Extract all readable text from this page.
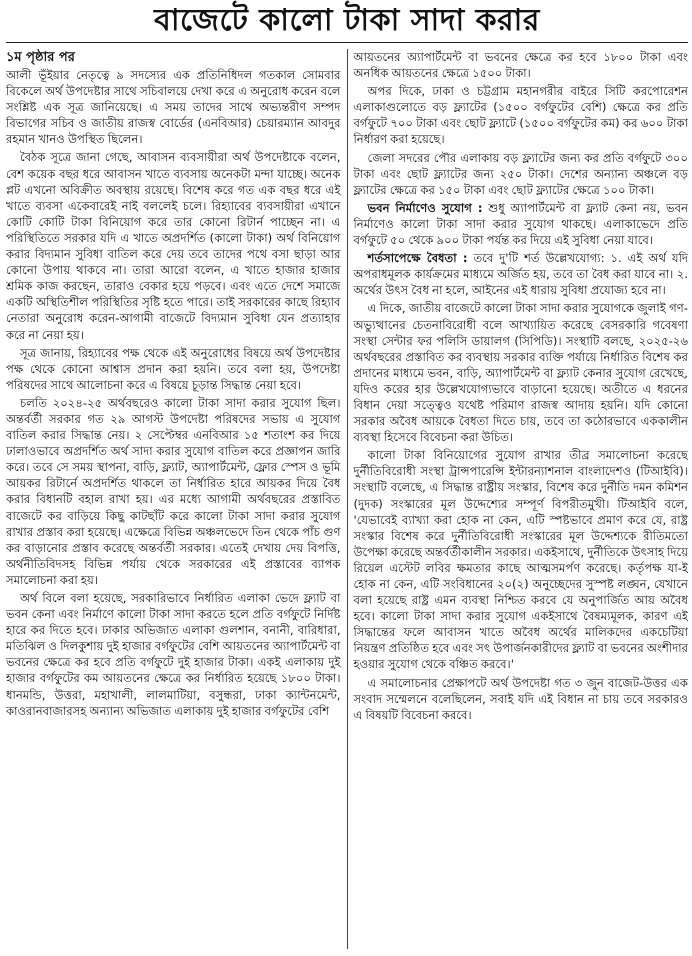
বাজেটে কালো টাকা সাদা করার
১ম পৃষ্ঠার পর

আলী ভূঁইয়ার নেতৃত্বে ৯ সদস্যের এক প্রতিনিধিদল গতকাল সোমবার বিকেলে অর্থ উপদেষ্টার সাথে সচিবালয়ে দেখা করে এ অনুরোধ করেন বলে সংশ্লিষ্ট এক সূত্র জানিয়েছে। এ সময় তাদের সাথে অভ্যন্তরীণ সম্পদ বিভাগের সচিব ও জাতীয় রাজস্ব বোর্ডের (এনবিআর) চেয়ারম্যান আবদুর রহমান খানও উপস্থিত ছিলেন।

বৈঠক সূত্রে জানা গেছে, আবাসন ব্যবসায়ীরা অর্থ উপদেষ্টাকে বলেন, বেশ কয়েক বছর ধরে আবাসন খাতে ব্যবসায় অনেকটা মন্দা যাচ্ছে। অনেক প্লট এখনো অবিক্রীত অবস্থায় রয়েছে। বিশেষ করে গত এক বছর ধরে এই খাতে ব্যবসা একেবারেই নাই বললেই চলে। রিহ্যাবের ব্যবসায়ীরা এখানে কোটি কোটি টাকা বিনিয়োগ করে তার কোনো রিটার্ন পাচ্ছেন না। এ পরিস্থিতিতে সরকার যদি এ খাতে অপ্রদর্শিত (কালো টাকা) অর্থ বিনিয়োগ করার বিদ্যমান সুবিধা বাতিল করে দেয় তবে তাদের পথে বসা ছাড়া আর কোনো উপায় থাকবে না। তারা আরো বলেন, এ খাতে হাজার হাজার শ্রমিক কাজ করছেন, তারাও বেকার হয়ে পড়বে। এবং এতে দেশে সমাজে একটি অস্থিতিশীল পরিস্থিতির সৃষ্টি হতে পারে। তাই সরকারের কাছে রিহ্যাব নেতারা অনুরোধ করেন-আগামী বাজেটে বিদ্যমান সুবিধা যেন প্রত্যাহার করে না নেয়া হয়।

সূত্র জানায়, রিহ্যাবের পক্ষ থেকে এই অনুরোধের বিষয়ে অর্থ উপদেষ্টার পক্ষ থেকে কোনো আশ্বাস প্রদান করা হয়নি। তবে বলা হয়, উপদেষ্টা পরিষদের সাথে আলোচনা করে এ বিষয়ে চূড়ান্ত সিদ্ধান্ত নেয়া হবে।

চলতি ২০২৪-২৫ অর্থবছরেও কালো টাকা সাদা করার সুযোগ ছিল। অন্তর্বর্তী সরকার গত ২৯ আগস্ট উপদেষ্টা পরিষদের সভায় এ সুযোগ বাতিল করার সিদ্ধান্ত নেয়। ২ সেপ্টেম্বর এনবিআর ১৫ শতাংশ কর দিয়ে ঢালাওভাবে অপ্রদর্শিত অর্থ সাদা করার সুযোগ বাতিল করে প্রজ্ঞাপন জারি করে। তবে সে সময় স্থাপনা, বাড়ি, ফ্ল্যাট, অ্যাপার্টমেন্ট, ফ্লোর স্পেস ও ভূমি আয়কর রিটার্নে অপ্রদর্শিত থাকলে তা নির্ধারিত হারে আয়কর দিয়ে বৈধ করার বিধানটি বহাল রাখা হয়। এর মধ্যে আগামী অর্থবছরের প্রস্তাবিত বাজেটে কর বাড়িয়ে কিছু কাটছাঁট করে কালো টাকা সাদা করার সুযোগ রাখার প্রস্তাব করা হয়েছে। এক্ষেত্রে বিভিন্ন অঞ্চলভেদে তিন থেকে পাঁচ গুণ কর বাড়ানোর প্রস্তাব করেছে অন্তর্বর্তী সরকার। এতেই দেখায় দেয় বিপত্তি, অর্থনীতিবিদসহ বিভিন্ন পর্যায় থেকে সরকারের এই প্রস্তাবের ব্যাপক সমালোচনা করা হয়।

অর্থ বিলে বলা হয়েছে, সরকারিভাবে নির্ধারিত এলাকা ভেদে ফ্ল্যাট বা ভবন কেনা এবং নির্মাণে কালো টাকা সাদা করতে হলে প্রতি বর্গফুটে নির্দিষ্ট হারে কর দিতে হবে। ঢাকার অভিজাত এলাকা গুলশান, বনানী, বারিধারা, মতিঝিল ও দিলকুশায় দুই হাজার বর্গফুটের বেশি আয়তনের অ্যাপার্টমেন্ট বা ভবনের ক্ষেত্রে কর হবে প্রতি বর্গফুটে দুই হাজার টাকা। একই এলাকায় দুই হাজার বর্গফুটের কম আয়তনের ক্ষেত্রে কর নির্ধারিত হয়েছে ১৮০০ টাকা। ধানমন্ডি, উত্তরা, মহাখালী, লালমাটিয়া, বসুন্ধরা, ঢাকা ক্যান্টনমেন্ট, কাওরানবাজারসহ অন্যান্য অভিজাত এলাকায় দুই হাজার বর্গফুটের বেশি

আয়তনের অ্যাপার্টমেন্ট বা ভবনের ক্ষেত্রে কর হবে ১৮০০ টাকা এবং অনধিক আয়তনের ক্ষেত্রে ১৫০০ টাকা।

অপর দিকে, ঢাকা ও চট্টগ্রাম মহানগরীর বাইরে সিটি করপোরেশন এলাকাগুলোতে বড় ফ্ল্যাটের (১৫০০ বর্গফুটের বেশি) ক্ষেত্রে কর প্রতি বর্গফুটে ৭০০ টাকা এবং ছোট ফ্ল্যাটে (১৫০০ বর্গফুটের কম) কর ৬০০ টাকা নির্ধারণ করা হয়েছে।

জেলা সদরের পৌর এলাকায় বড় ফ্ল্যাটের জন্য কর প্রতি বর্গফুটে ৩০০ টাকা এবং ছোট ফ্ল্যাটের জন্য ২৫০ টাকা। দেশের অন্যান্য অঞ্চলে বড় ফ্ল্যাটের ক্ষেত্রে কর ১৫০ টাকা এবং ছোট ফ্ল্যাটের ক্ষেত্রে ১০০ টাকা।

ভবন নির্মাণেও সুযোগ : শুধু অ্যাপার্টমেন্ট বা ফ্ল্যাট কেনা নয়, ভবন নির্মাণেও কালো টাকা সাদা করার সুযোগ থাকছে। এলাকাভেদে প্রতি বর্গফুটে ৫০ থেকে ৯০০ টাকা পর্যন্ত কর দিয়ে এই সুবিধা নেয়া যাবে।

শর্তসাপেক্ষে বৈধতা : তবে দু'টি শর্ত উল্লেখযোগ্য: ১. এই অর্থ যদি অপরাধমূলক কার্যক্রমের মাধ্যমে অর্জিত হয়, তবে তা বৈধ করা যাবে না। ২. অর্থের উৎস বৈধ না হলে, আইনের এই ধারায় সুবিধা প্রযোজ্য হবে না।

এ দিকে, জাতীয় বাজেটে কালো টাকা সাদা করার সুযোগকে জুলাই গণ-অভ্যুত্থানের চেতনাবিরোধী বলে আখ্যায়িত করেছে বেসরকারি গবেষণা সংস্থা সেন্টার ফর পলিসি ডায়ালগ (সিপিডি)। সংস্থাটি বলছে, ২০২৫-২৬ অর্থবছরের প্রস্তাবিত কর ব্যবস্থায় সরকার ব্যক্তি পর্যায়ে নির্ধারিত বিশেষ কর প্রদানের মাধ্যমে ভবন, বাড়ি, অ্যাপার্টমেন্ট বা ফ্ল্যাট কেনার সুযোগ রেখেছে, যদিও করের হার উল্লেখযোগ্যভাবে বাড়ানো হয়েছে। অতীতে এ ধরনের বিধান দেয়া সত্ত্বেও যথেষ্ট পরিমাণ রাজস্ব আদায় হয়নি। যদি কোনো সরকার অবৈধ আয়কে বৈধতা দিতে চায়, তবে তা কঠোরভাবে এককালীন ব্যবস্থা হিসেবে বিবেচনা করা উচিত।

কালো টাকা বিনিয়োগের সুযোগ রাখার তীব্র সমালোচনা করেছে দুর্নীতিবিরোধী সংস্থা ট্রান্সপারেন্সি ইন্টারন্যাশনাল বাংলাদেশও (টিআইবি)। সংস্থাটি বলেছে, এ সিদ্ধান্ত রাষ্ট্রীয় সংস্কার, বিশেষ করে দুর্নীতি দমন কমিশন (দুদক) সংস্কারের মূল উদ্দেশ্যের সম্পূর্ণ বিপরীতমুখী। টিআইবি বলে, 'যেভাবেই ব্যাখ্যা করা হোক না কেন, এটি স্পষ্টভাবে প্রমাণ করে যে, রাষ্ট্র সংস্কার বিশেষ করে দুর্নীতিবিরোধী সংস্কারের মূল উদ্দেশ্যকে রীতিমতো উপেক্ষা করেছে অন্তর্বর্তীকালীন সরকার। একইসাথে, দুর্নীতিকে উৎসাহ দিয়ে রিয়েল এস্টেট লবির ক্ষমতার কাছে আত্মসমর্পণ করেছে। কর্তৃপক্ষ যা-ই হোক না কেন, এটি সংবিধানের ২০(২) অনুচ্ছেদের সুস্পষ্ট লঙ্ঘন, যেখানে বলা হয়েছে রাষ্ট্র এমন ব্যবস্থা নিশ্চিত করবে যে অনুপার্জিত আয় অবৈধ হবে। কালো টাকা সাদা করার সুযোগ একইসাথে বৈষম্যমূলক, কারণ এই সিদ্ধান্তের ফলে আবাসন খাতে অবৈধ অর্থের মালিকদের একচেটিয়া নিয়ন্ত্রণ প্রতিষ্ঠিত হবে এবং সৎ উপার্জনকারীদের ফ্ল্যাট বা ভবনের অংশীদার হওয়ার সুযোগ থেকে বঞ্চিত করবে।'

এ সমালোচনার প্রেক্ষাপটে অর্থ উপদেষ্টা গত ৩ জুন বাজেট-উত্তর এক সংবাদ সম্মেলনে বলেছিলেন, সবাই যদি এই বিধান না চায় তবে সরকারও এ বিষয়টি বিবেচনা করবে।
